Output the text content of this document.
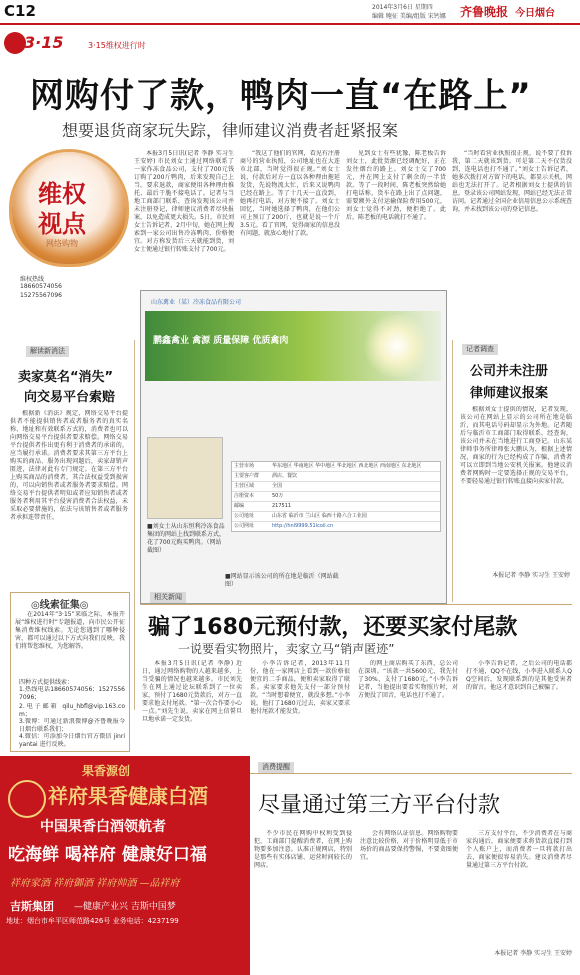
C12	2014年3月6日 星期四
编辑 鲍征 美编/组版 宋钙娜 齐鲁晚报 今日烟台
3·15	3·15维权进行时
网购付了款，鸭肉一直“在路上”
想要退货商家玩失踪，律师建议消费者赶紧报案
维权
视点
网络购物
维权热线
18660574056
15275567096

本报3月5日讯(记者 李静 实习生 王安婷) 市民刘女士通过网络联系了一家作冻食品公司，支付了700元钱订购了200斤鸭肉，后来发现自己上当。要求退款，商家便用各种理由推托，最后干脆不接电话了。记者与当地工商部门联系，查询发现该公司并未注册登记，律师建议消费者尽快报案，以免造成更大损失。5日，市民刘女士告诉记者，2月中旬，她在网上搜索到一家公司出售冷冻鸭肉，价格便宜。对方称发货后三天就能到货，刘女士便通过银行转账支付了700元。

“我这了他们的官网，看见有注册商号的营业执照，公司地址也在大连市北部，当时觉得很正规。”刘女士说，付款后对方一直以各种理由拖延发货，先说物流太忙，后来又说鸭肉已经在路上。等了十几天一直没到，她再打电话，对方便不接了。刘女士回忆，当时她选择了鸭肉，在他们公司上预订了200斤，也就是说一个斤3.5元。看了官网，觉得商家的信息没有问题，就放心地付了款。

见到女士有些犹豫，陈老板告诉刘女士，此批货源已经调配好，正在发往烟台的路上。刘女士交了700元，并在网上支付了剩余的一半货款。等了一段时间，陈老板突然给她打电话称，货车在路上出了点问题，需要额外支付运输保险费用500元，刘女士觉得不对劲，便拒绝了。此后，陈老板的电话就打不通了。

“当时看营业执照很正规，说不要了投诉我，第二天就该到货。可是第二天不仅货没到，连电话也打不通了。”刘女士告诉记者，她多次拨打对方留下的电话，都显示关机，网站也无法打开了。记者根据刘女士提供的信息，登录该公司网站发现，网站已经无法正常访问。记者通过全国企业信用信息公示系统查询，并未找到该公司的登记信息。

山东禽业（某）冷冻食品有限公司
鹏鑫禽业 禽源 质量保障 优质禽肉
主营市场	华东地区 华南地区 华中地区 华北地区 西北地区 西南地区 东北地区
主要客户群	酒店、餐饮
主营区域	全国
注册资本	50万
邮编	217511
公司地址	山东省 临沂市 兰山区 临西十路六合工业园
公司网址	http://hnl9999.51lcoil.cn
■刘女士从山东恒利冷冻食品集团的网站上找到联系方式，花了700元购买鸭肉。（网站截图）
■网站显示该公司的所在地是临沂（网站截图）
解读新消法
卖家莫名“消失”
向交易平台索赔

根据新《消法》规定，网络交易平台提供者不能提供销售者或者服务者的真实名称、地址和有效联系方式的，消费者也可以向网络交易平台提供者要求赔偿。网络交易平台提供者作出更有利于消费者的承诺的，应当履行承诺。消费者要求其第三方平台上购买的商品、服务出现问题后，卖家却销声匿迹，法律对此有专门规定。在第三方平台上购买商品的消费者，其合法权益受到损害的，可以向销售者或者服务者要求赔偿。网络交易平台提供者明知或者应知销售者或者服务者利用其平台侵害消费者合法权益，未采取必要措施的，依法与该销售者或者服务者承担连带责任。

◎线索征集◎

在2014年“3·15”来临之际，本报开展“维权进行时”专题报道，向市民公开征集消费维权线索。无论您遇到了哪种侵害，都可以通过以下方式向我们反映，我们将帮您维权，为您解答。

四种方式提供线索：
1.热线电话18660574056；15275567096；
2.电子邮箱 qilu_hbfl@vip.163.com；
3.微博：可通过新浪微博@齐鲁晚报今日烟台联系我们；
4.微信：可添加今日烟台官方微信 jinriyantai 进行反映。
记者调查
公司并未注册
律师建议报案

根据刘女士提供的情况，记者发现，该公司在网站上显示的公司所在地是临沂，而其电话号码却显示为外地。记者随后与临沂市工商部门取得联系，经查询，该公司并未在当地进行工商登记。山东某律师事务所律师张大鹏认为，根据上述情况，商家的行为已经构成了诈骗，消费者可以立即到当地公安机关报案。他建议消费者网购时一定要选择正规的交易平台，不要轻易通过银行转账直接向卖家付款。

本报记者 李静 实习生 王安婷
相关新闻
骗了1680元预付款，还要买家付尾款
一说要看实物照片，卖家立马“销声匿迹”

本报3月5日讯(记者 李静) 近日，通过网络购物的人越来越多，上当受骗的情况也越来越多。市民刘先生在网上通过论坛联系到了一位卖家，预付了1680元货款后，对方一直要求他支付尾款。“第一次合作要小心一点。”刘先生说，卖家在网上信誓旦旦地承诺一定发货。

小李告诉记者，2013年11月份，他在一家网店上看到一款价格很便宜的二手商品，便和卖家取得了联系。卖家要求他先支付一部分预付款。“当时想着便宜，就没多想。”小李说，他打了1680元过去，卖家又要求他付尾款才能发货。

的网上商店购买了东西，总公司在深圳。“该款一共5600元，我先付了30%，支付了1680元。”小李告诉记者，当他提出要看实物照片时，对方便没了回音，电话也打不通了。

小李告诉记者，之后公司的电话都打不通，QQ不在线，小李进入联系人QQ空间后，发现联系到的是其他受害者的留言。他这才意识到自己被骗了。

消费提醒
尽量通过第三方平台付款

不少市民在网购中权利受到侵犯，工商部门提醒消费者，在网上购物要多加注意。认准正规网店，特别是那些有实体店铺、运营时间较长的网店。

会有网络认证信息。网络购物要注意比较价格，对于价格明显低于市场价的商品要保持警惕，不要贪图便宜。

三方支付平台，不少消费者在与商家沟通后，商家便要求将货款直接打到个人账户上，而消费者一旦将款打出去，商家便很容易消失。建议消费者尽量通过第三方平台付款。

本报记者 李静 实习生 王安婷
果香源创
祥府果香健康白酒
中国果香白酒领航者
吃海鲜 喝祥府 健康好口福
祥府家酒 祥府御酒 祥府帅酒 —品祥府
吉斯集团 —健康产业兴 吉斯中国梦
地址：烟台市牟平区师范路426号 业务电话：4237199
